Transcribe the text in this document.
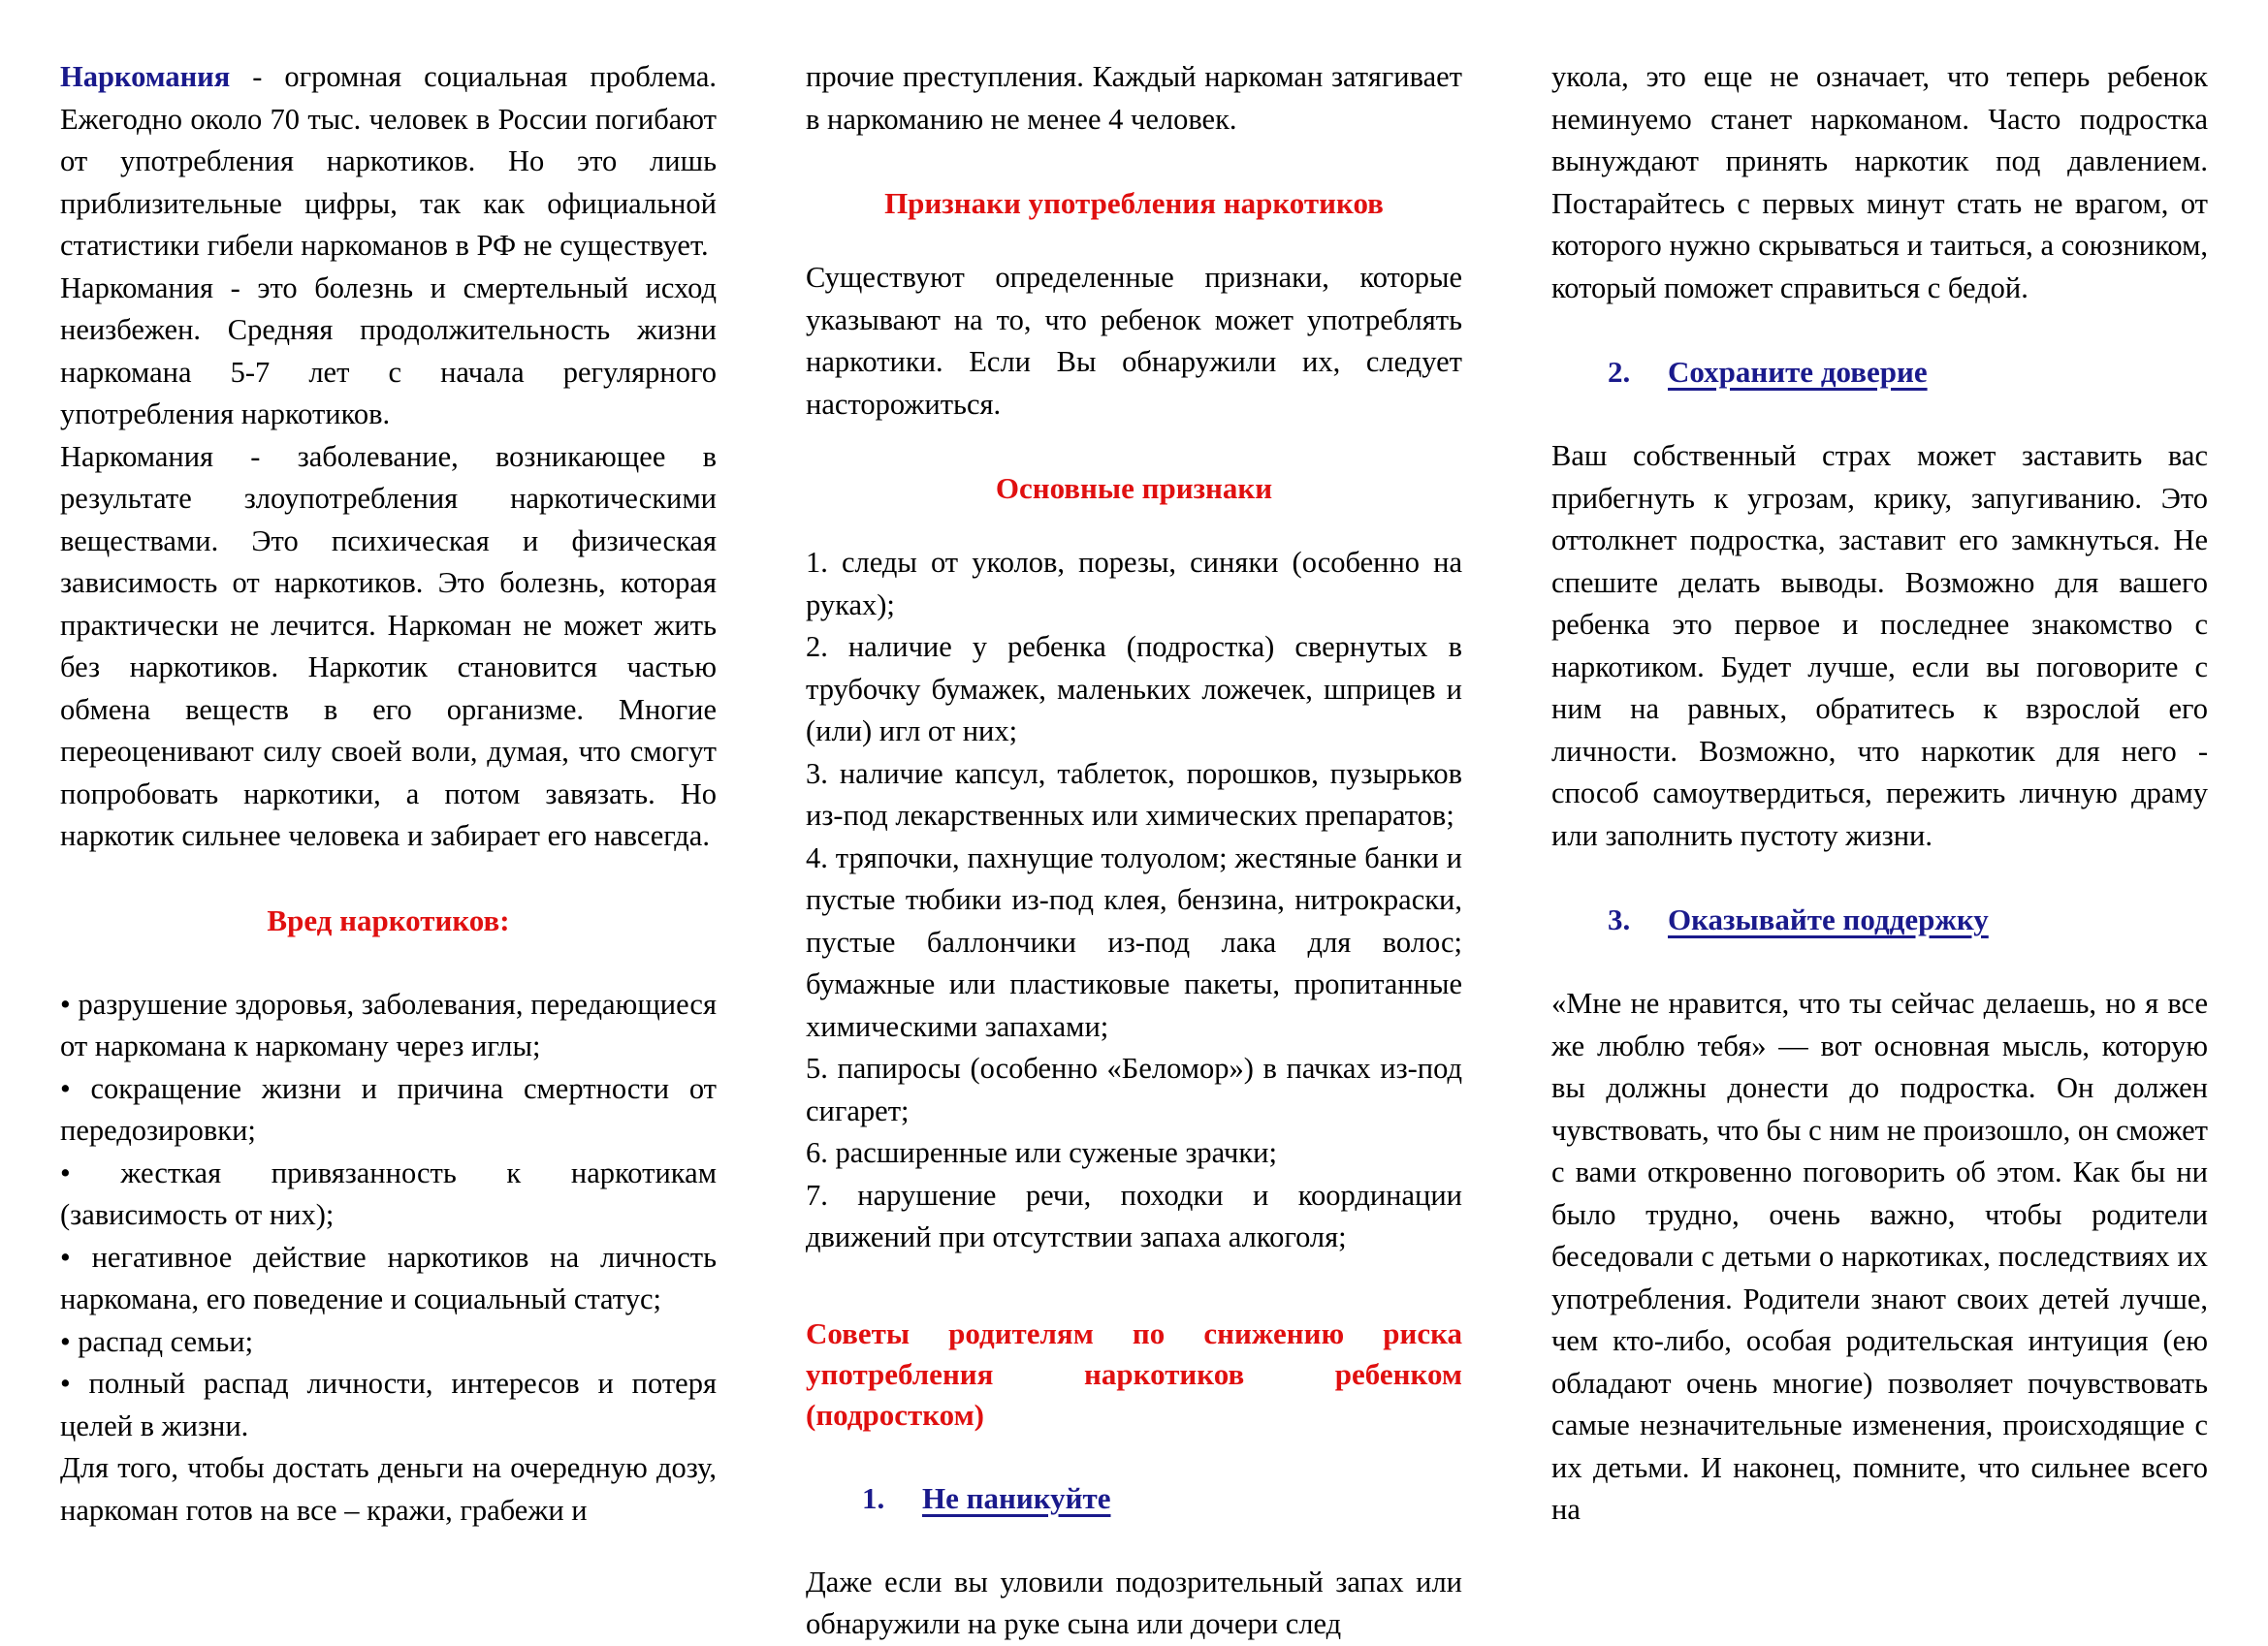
Наркомания - огромная социальная проблема. Ежегодно около 70 тыс. человек в России погибают от употребления наркотиков. Но это лишь приблизительные цифры, так как официальной статистики гибели наркоманов в РФ не существует.

Наркомания - это болезнь и смертельный исход неизбежен. Средняя продолжительность жизни наркомана 5-7 лет с начала регулярного употребления наркотиков.

Наркомания - заболевание, возникающее в результате злоупотребления наркотическими веществами. Это психическая и физическая зависимость от наркотиков. Это болезнь, которая практически не лечится. Наркоман не может жить без наркотиков. Наркотик становится частью обмена веществ в его организме. Многие переоценивают силу своей воли, думая, что смогут попробовать наркотики, а потом завязать. Но наркотик сильнее человека и забирает его навсегда.

Вред наркотиков:
• разрушение здоровья, заболевания, передающиеся от наркомана к наркоману через иглы;
• сокращение жизни и причина смертности от передозировки;
• жесткая привязанность к наркотикам (зависимость от них);
• негативное действие наркотиков на личность наркомана, его поведение и социальный статус;
• распад семьи;
• полный распад личности, интересов и потеря целей в жизни.

Для того, чтобы достать деньги на очередную дозу, наркоман готов на все – кражи, грабежи и

прочие преступления. Каждый наркоман затягивает в наркоманию не менее 4 человек.

Признаки употребления наркотиков

Существуют определенные признаки, которые указывают на то, что ребенок может употреблять наркотики. Если Вы обнаружили их, следует насторожиться.

Основные признаки
1. следы от уколов, порезы, синяки (особенно на руках);
2. наличие у ребенка (подростка) свернутых в трубочку бумажек, маленьких ложечек, шприцев и (или) игл от них;
3. наличие капсул, таблеток, порошков, пузырьков из-под лекарственных или химических препаратов;
4. тряпочки, пахнущие толуолом; жестяные банки и пустые тюбики из-под клея, бензина, нитрокраски, пустые баллончики из-под лака для волос; бумажные или пластиковые пакеты, пропитанные химическими запахами;
5. папиросы (особенно «Беломор») в пачках из-под сигарет;
6. расширенные или суженые зрачки;
7. нарушение речи, походки и координации движений при отсутствии запаха алкоголя;
Советы родителям по снижению риска употребления наркотиков ребенком (подростком)
1. Не паникуйте

Даже если вы уловили подозрительный запах или обнаружили на руке сына или дочери след

укола, это еще не означает, что теперь ребенок неминуемо станет наркоманом. Часто подростка вынуждают принять наркотик под давлением. Постарайтесь с первых минут стать не врагом, от которого нужно скрываться и таиться, а союзником, который поможет справиться с бедой.

2. Сохраните доверие

Ваш собственный страх может заставить вас прибегнуть к угрозам, крику, запугиванию. Это оттолкнет подростка, заставит его замкнуться. Не спешите делать выводы. Возможно для вашего ребенка это первое и последнее знакомство с наркотиком. Будет лучше, если вы поговорите с ним на равных, обратитесь к взрослой его личности. Возможно, что наркотик для него - способ самоутвердиться, пережить личную драму или заполнить пустоту жизни.

3. Оказывайте поддержку

«Мне не нравится, что ты сейчас делаешь, но я все же люблю тебя» — вот основная мысль, которую вы должны донести до подростка. Он должен чувствовать, что бы с ним не произошло, он сможет с вами откровенно поговорить об этом. Как бы ни было трудно, очень важно, чтобы родители беседовали с детьми о наркотиках, последствиях их употребления. Родители знают своих детей лучше, чем кто-либо, особая родительская интуиция (ею обладают очень многие) позволяет почувствовать самые незначительные изменения, происходящие с их детьми. И наконец, помните, что сильнее всего на
